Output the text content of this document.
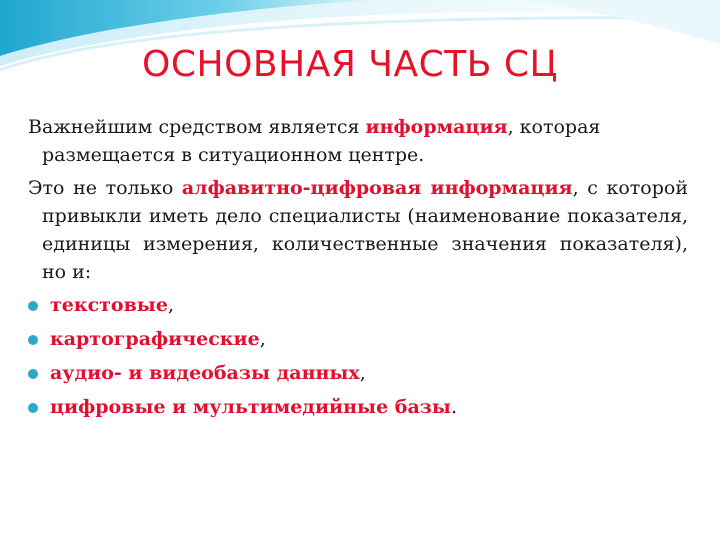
ОСНОВНАЯ ЧАСТЬ СЦ

Важнейшим средством является информация, которая размещается в ситуационном центре.

Это не только алфавитно-цифровая информация, с которой привыкли иметь дело специалисты (наименование показателя, единицы измерения, количественные значения показателя), но и:

текстовые,
картографические,
аудио- и видеобазы данных,
цифровые и мультимедийные базы.
